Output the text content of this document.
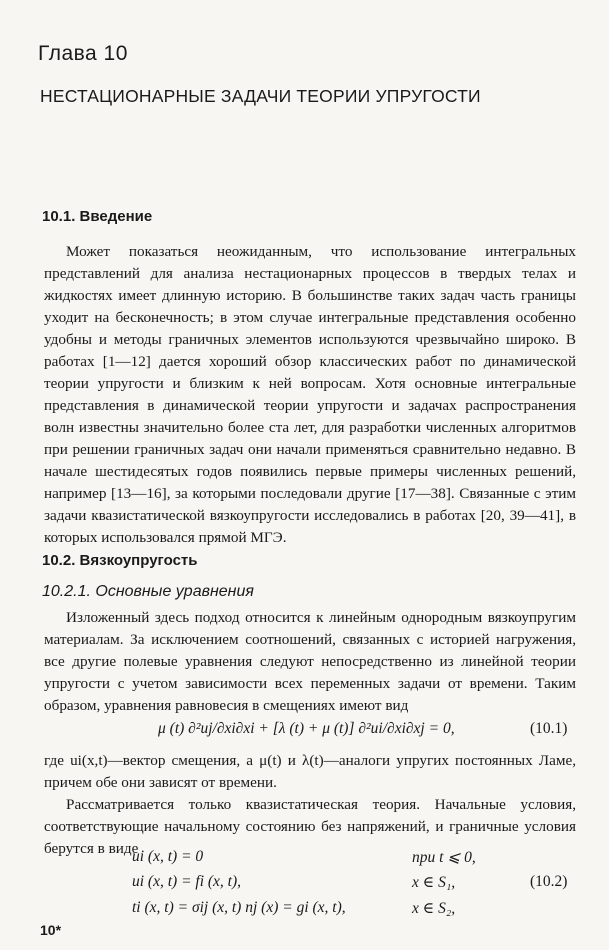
Глава 10
НЕСТАЦИОНАРНЫЕ ЗАДАЧИ ТЕОРИИ УПРУГОСТИ
10.1. Введение
Может показаться неожиданным, что использование интегральных представлений для анализа нестационарных процессов в твердых телах и жидкостях имеет длинную историю. В большинстве таких задач часть границы уходит на бесконечность; в этом случае интегральные представления особенно удобны и методы граничных элементов используются чрезвычайно широко. В работах [1—12] дается хороший обзор классических работ по динамической теории упругости и близким к ней вопросам. Хотя основные интегральные представления в динамической теории упругости и задачах распространения волн известны значительно более ста лет, для разработки численных алгоритмов при решении граничных задач они начали применяться сравнительно недавно. В начале шестидесятых годов появились первые примеры численных решений, например [13—16], за которыми последовали другие [17—38]. Связанные с этим задачи квазистатической вязкоупругости исследовались в работах [20, 39—41], в которых использовался прямой МГЭ.
10.2. Вязкоупругость
10.2.1. Основные уравнения
Изложенный здесь подход относится к линейным однородным вязкоупругим материалам. За исключением соотношений, связанных с историей нагружения, все другие полевые уравнения следуют непосредственно из линейной теории упругости с учетом зависимости всех переменных задачи от времени. Таким образом, уравнения равновесия в смещениях имеют вид
μ (t) ∂²uj/∂xi∂xi + [λ (t) + μ (t)] ∂²ui/∂xi∂xj = 0,	(10.1)
где ui(x,t)—вектор смещения, а μ(t) и λ(t)—аналоги упругих постоянных Ламе, причем обе они зависят от времени.
Рассматривается только квазистатическая теория. Начальные условия, соответствующие начальному состоянию без напряжений, и граничные условия берутся в виде
ui (x, t) = 0	при t ⩽ 0,
ui (x, t) = fi (x, t),	x ∈ S₁,	(10.2)
ti (x, t) = σij (x, t) nj (x) = gi (x, t),	x ∈ S₂,
10*
